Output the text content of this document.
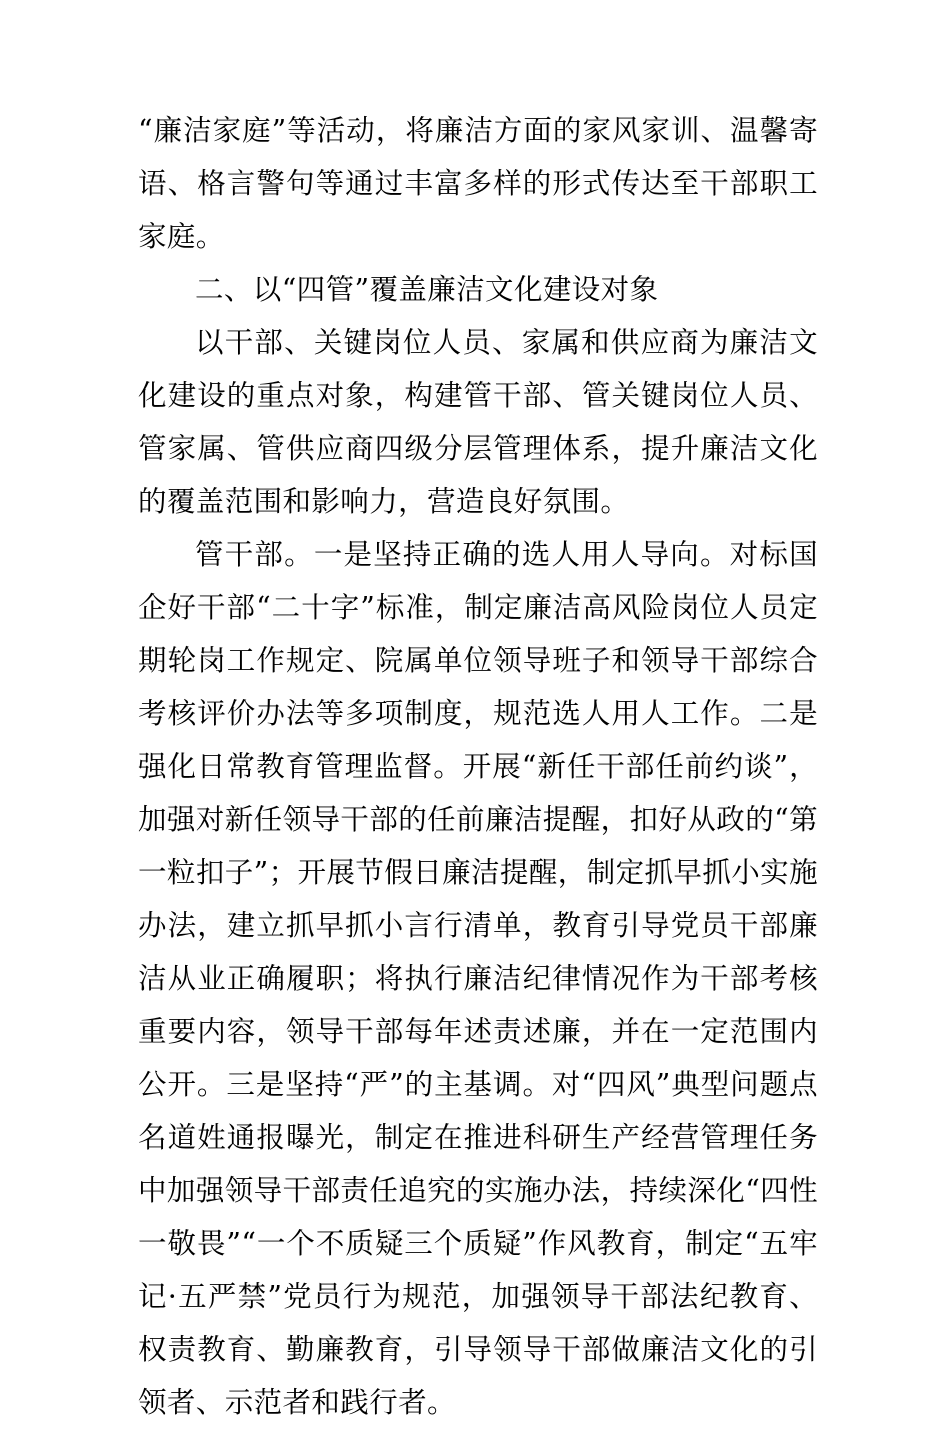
“廉洁家庭”等活动，将廉洁方面的家风家训、温馨寄语、格言警句等通过丰富多样的形式传达至干部职工家庭。

二、以“四管”覆盖廉洁文化建设对象

以干部、关键岗位人员、家属和供应商为廉洁文化建设的重点对象，构建管干部、管关键岗位人员、管家属、管供应商四级分层管理体系，提升廉洁文化的覆盖范围和影响力，营造良好氛围。

管干部。一是坚持正确的选人用人导向。对标国企好干部“二十字”标准，制定廉洁高风险岗位人员定期轮岗工作规定、院属单位领导班子和领导干部综合考核评价办法等多项制度，规范选人用人工作。二是强化日常教育管理监督。开展“新任干部任前约谈”，加强对新任领导干部的任前廉洁提醒，扣好从政的“第一粒扣子”；开展节假日廉洁提醒，制定抓早抓小实施办法，建立抓早抓小言行清单，教育引导党员干部廉洁从业正确履职；将执行廉洁纪律情况作为干部考核重要内容，领导干部每年述责述廉，并在一定范围内公开。三是坚持“严”的主基调。对“四风”典型问题点名道姓通报曝光，制定在推进科研生产经营管理任务中加强领导干部责任追究的实施办法，持续深化“四性一敬畏”“一个不质疑三个质疑”作风教育，制定“五牢记·五严禁”党员行为规范，加强领导干部法纪教育、权责教育、勤廉教育，引导领导干部做廉洁文化的引领者、示范者和践行者。
